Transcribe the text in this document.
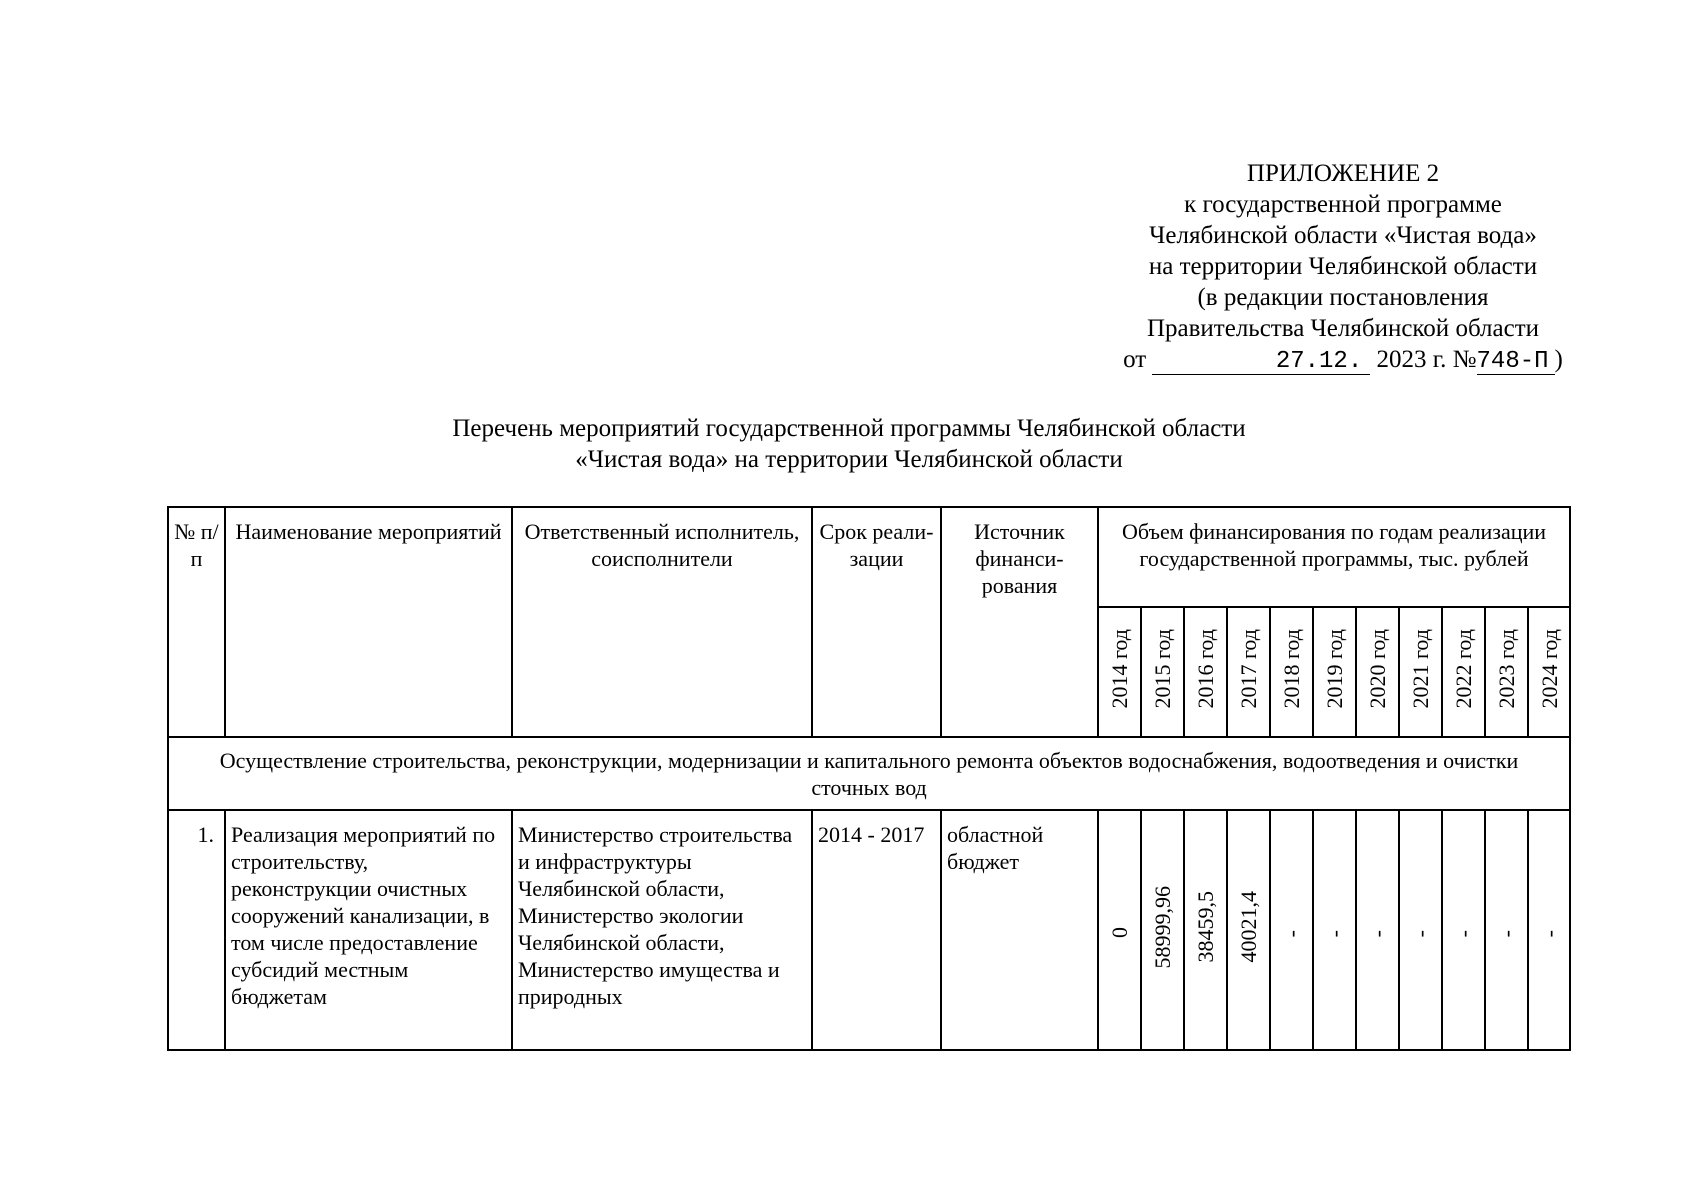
ПРИЛОЖЕНИЕ 2
к государственной программе
Челябинской области «Чистая вода»
на территории Челябинской области
(в редакции постановления
Правительства Челябинской области
от	27.12. 2023 г. №748-П )
Перечень мероприятий государственной программы Челябинской области
«Чистая вода» на территории Челябинской области
№ п/п	Наименование мероприятий	Ответственный исполнитель, соисполнители	Срок реали-зации	Источник финанси-рования	Объем финансирования по годам реализации государственной программы, тыс. рублей										
					2014 год	2015 год	2016 год	2017 год	2018 год	2019 год	2020 год	2021 год	2022 год	2023 год	2024 год
Осуществление строительства, реконструкции, модернизации и капитального ремонта объектов водоснабжения, водоотведения и очистки сточных вод															
1.	Реализация мероприятий по строительству, реконструкции очистных сооружений канализации, в том числе предоставление субсидий местным бюджетам	Министерство строительства и инфраструктуры Челябинской области, Министерство экологии Челябинской области, Министерство имущества и природных	2014 - 2017	областной бюджет	0	58999,96	38459,5	40021,4	-	-	-	-	-	-	-
